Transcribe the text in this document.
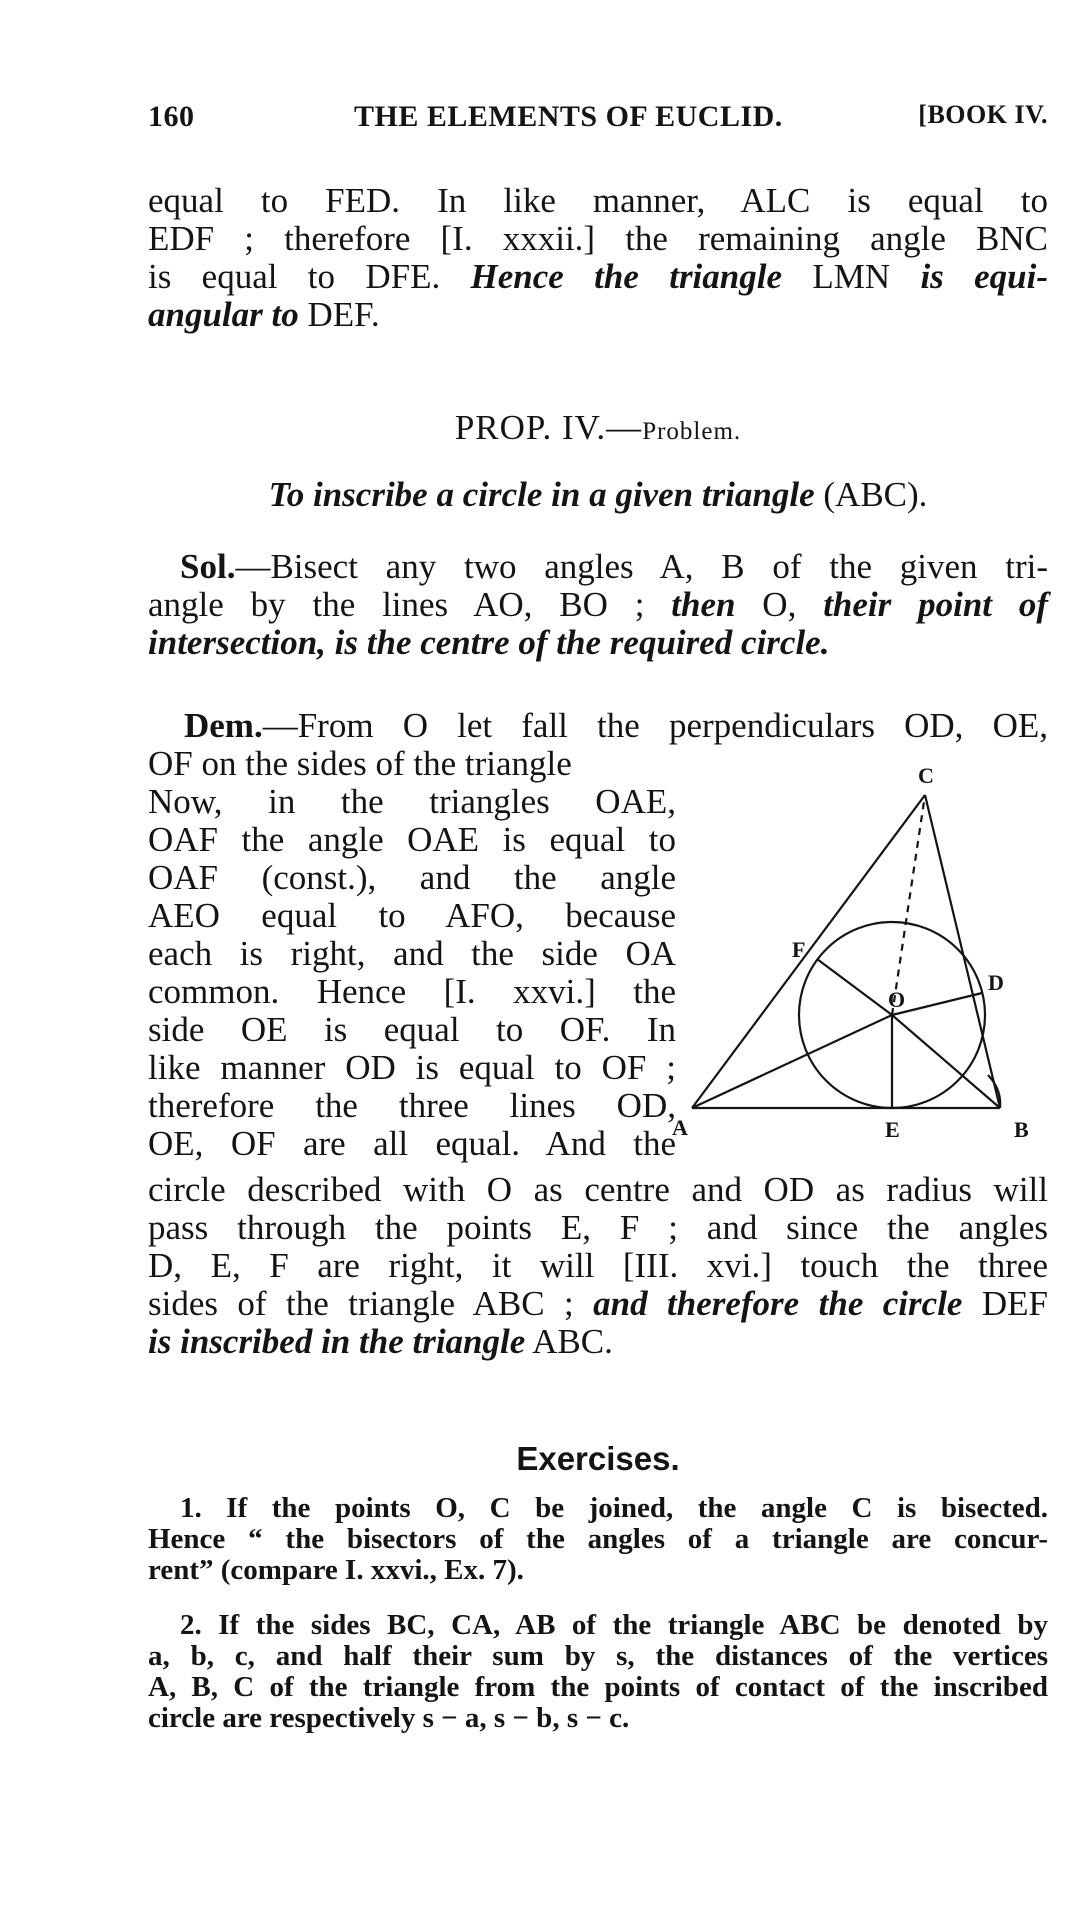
160	THE ELEMENTS OF EUCLID.	[BOOK IV.
equal to FED. In like manner, ALC is equal to
EDF ; therefore [I. xxxii.] the remaining angle BNC
is equal to DFE. Hence the triangle LMN is equi-
angular to DEF.
PROP. IV.—Problem.
To inscribe a circle in a given triangle (ABC).
Sol.—Bisect any two angles A, B of the given tri-
angle by the lines AO, BO ; then O, their point of
intersection, is the centre of the required circle.
Dem.—From O let fall the perpendiculars OD, OE,
OF on the sides of the triangle
Now, in the triangles OAE,
OAF the angle OAE is equal to
OAF (const.), and the angle
AEO equal to AFO, because
each is right, and the side OA
common. Hence [I. xxvi.] the
side OE is equal to OF. In
like manner OD is equal to OF ;
therefore the three lines OD,
OE, OF are all equal. And the
C
F
O
D
A	E	B
circle described with O as centre and OD as radius will
pass through the points E, F ; and since the angles
D, E, F are right, it will [III. xvi.] touch the three
sides of the triangle ABC ; and therefore the circle DEF
is inscribed in the triangle ABC.
Exercises.
1. If the points O, C be joined, the angle C is bisected.
Hence “ the bisectors of the angles of a triangle are concur-
rent” (compare I. xxvi., Ex. 7).
2. If the sides BC, CA, AB of the triangle ABC be denoted by
a, b, c, and half their sum by s, the distances of the vertices
A, B, C of the triangle from the points of contact of the inscribed
circle are respectively s − a, s − b, s − c.
